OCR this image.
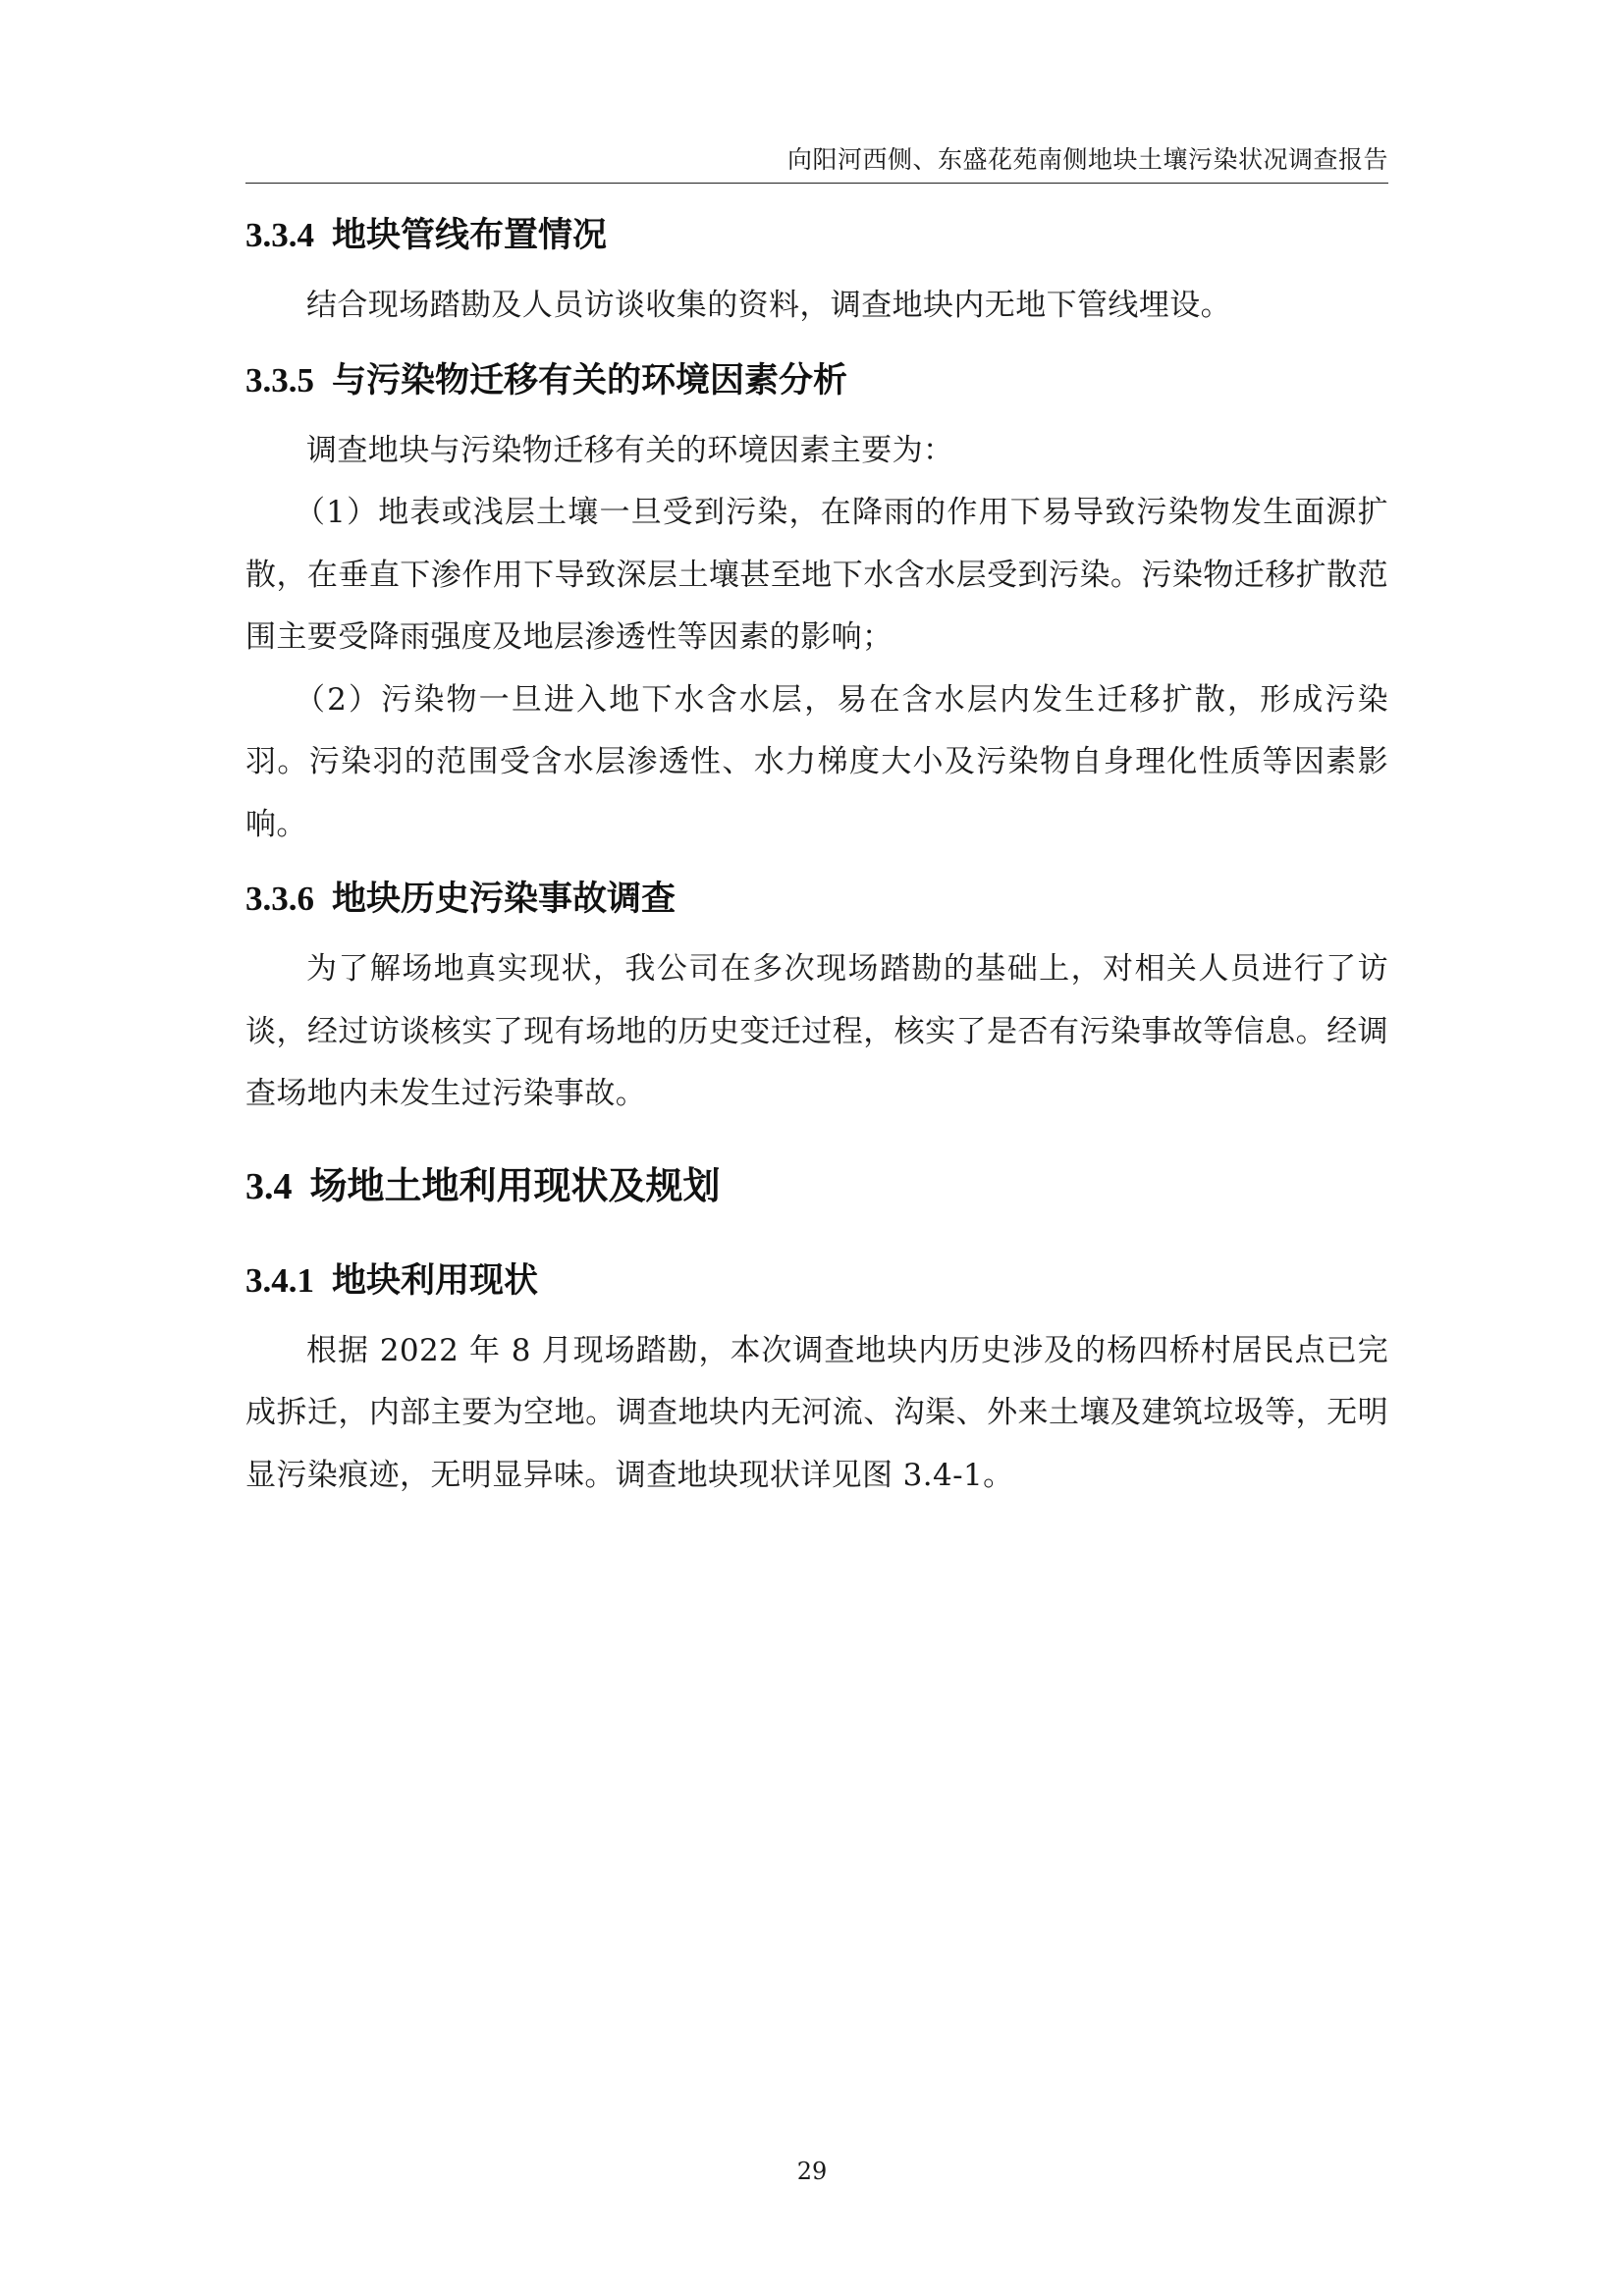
向阳河西侧、东盛花苑南侧地块土壤污染状况调查报告
3.3.4 地块管线布置情况

结合现场踏勘及人员访谈收集的资料，调查地块内无地下管线埋设。

3.3.5 与污染物迁移有关的环境因素分析

调查地块与污染物迁移有关的环境因素主要为：

（1）地表或浅层土壤一旦受到污染，在降雨的作用下易导致污染物发生面源扩散，在垂直下渗作用下导致深层土壤甚至地下水含水层受到污染。污染物迁移扩散范围主要受降雨强度及地层渗透性等因素的影响；

（2）污染物一旦进入地下水含水层，易在含水层内发生迁移扩散，形成污染羽。污染羽的范围受含水层渗透性、水力梯度大小及污染物自身理化性质等因素影响。

3.3.6 地块历史污染事故调查

为了解场地真实现状，我公司在多次现场踏勘的基础上，对相关人员进行了访谈，经过访谈核实了现有场地的历史变迁过程，核实了是否有污染事故等信息。经调查场地内未发生过污染事故。

3.4 场地土地利用现状及规划
3.4.1 地块利用现状

根据 2022 年 8 月现场踏勘，本次调查地块内历史涉及的杨四桥村居民点已完成拆迁，内部主要为空地。调查地块内无河流、沟渠、外来土壤及建筑垃圾等，无明显污染痕迹，无明显异味。调查地块现状详见图 3.4-1。

29
